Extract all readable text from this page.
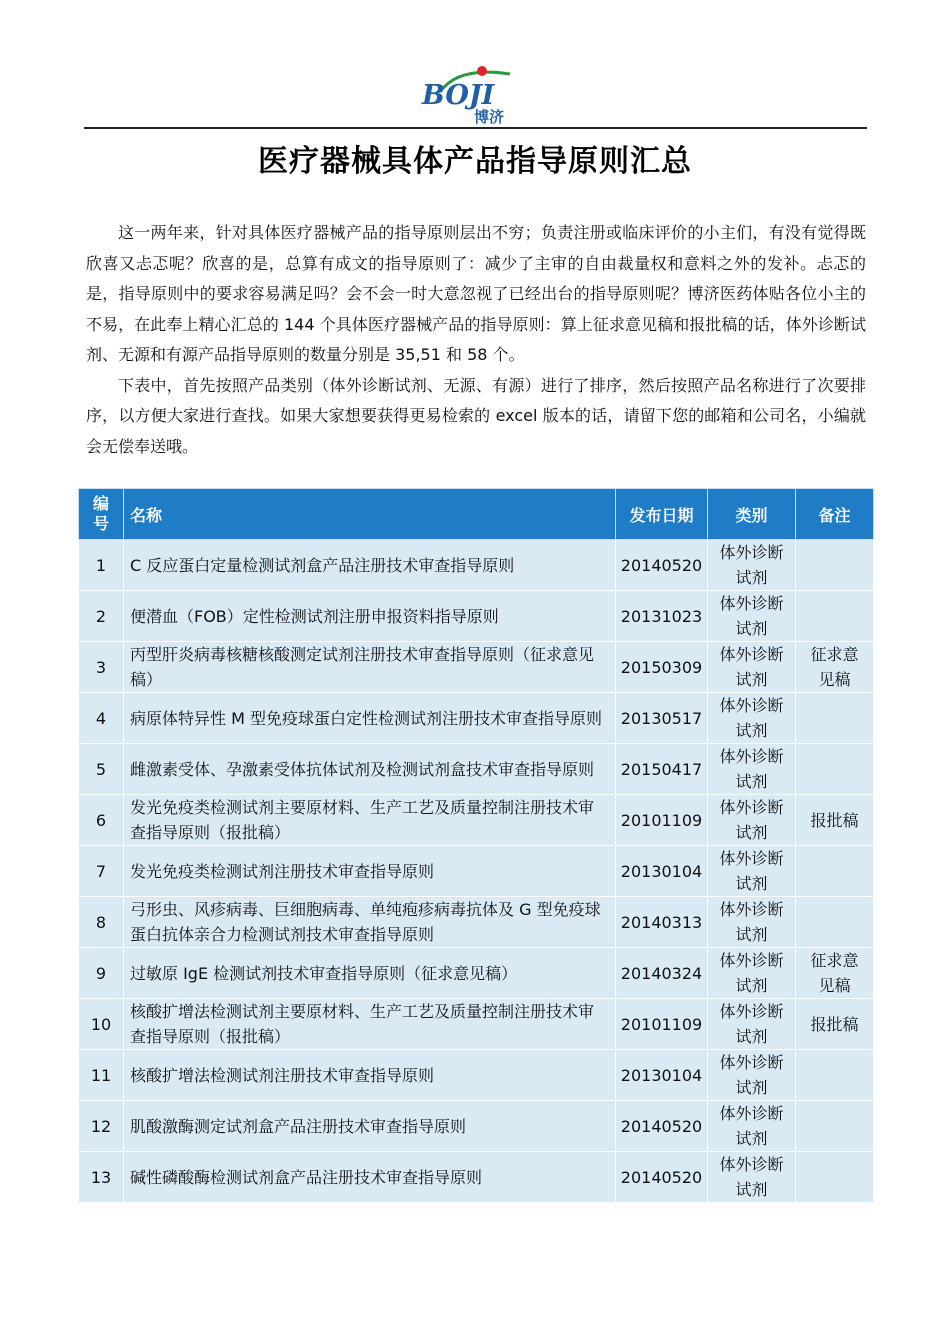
BOJI
博济
医疗器械具体产品指导原则汇总

这一两年来，针对具体医疗器械产品的指导原则层出不穷；负责注册或临床评价的小主们，有没有觉得既欣喜又忐忑呢？欣喜的是，总算有成文的指导原则了：减少了主审的自由裁量权和意料之外的发补。忐忑的是，指导原则中的要求容易满足吗？会不会一时大意忽视了已经出台的指导原则呢？博济医药体贴各位小主的不易，在此奉上精心汇总的 144 个具体医疗器械产品的指导原则：算上征求意见稿和报批稿的话，体外诊断试剂、无源和有源产品指导原则的数量分别是 35,51 和 58 个。

下表中，首先按照产品类别（体外诊断试剂、无源、有源）进行了排序，然后按照产品名称进行了次要排序，以方便大家进行查找。如果大家想要获得更易检索的 excel 版本的话，请留下您的邮箱和公司名，小编就会无偿奉送哦。

编号	名称	发布日期	类别	备注
1	C 反应蛋白定量检测试剂盒产品注册技术审查指导原则	20140520	体外诊断试剂	
2	便潜血（FOB）定性检测试剂注册申报资料指导原则	20131023	体外诊断试剂	
3	丙型肝炎病毒核糖核酸测定试剂注册技术审查指导原则（征求意见稿）	20150309	体外诊断试剂	征求意见稿
4	病原体特异性 M 型免疫球蛋白定性检测试剂注册技术审查指导原则	20130517	体外诊断试剂	
5	雌激素受体、孕激素受体抗体试剂及检测试剂盒技术审查指导原则	20150417	体外诊断试剂	
6	发光免疫类检测试剂主要原材料、生产工艺及质量控制注册技术审查指导原则（报批稿）	20101109	体外诊断试剂	报批稿
7	发光免疫类检测试剂注册技术审查指导原则	20130104	体外诊断试剂	
8	弓形虫、风疹病毒、巨细胞病毒、单纯疱疹病毒抗体及 G 型免疫球蛋白抗体亲合力检测试剂技术审查指导原则	20140313	体外诊断试剂	
9	过敏原 IgE 检测试剂技术审查指导原则（征求意见稿）	20140324	体外诊断试剂	征求意见稿
10	核酸扩增法检测试剂主要原材料、生产工艺及质量控制注册技术审查指导原则（报批稿）	20101109	体外诊断试剂	报批稿
11	核酸扩增法检测试剂注册技术审查指导原则	20130104	体外诊断试剂	
12	肌酸激酶测定试剂盒产品注册技术审查指导原则	20140520	体外诊断试剂	
13	碱性磷酸酶检测试剂盒产品注册技术审查指导原则	20140520	体外诊断试剂	
